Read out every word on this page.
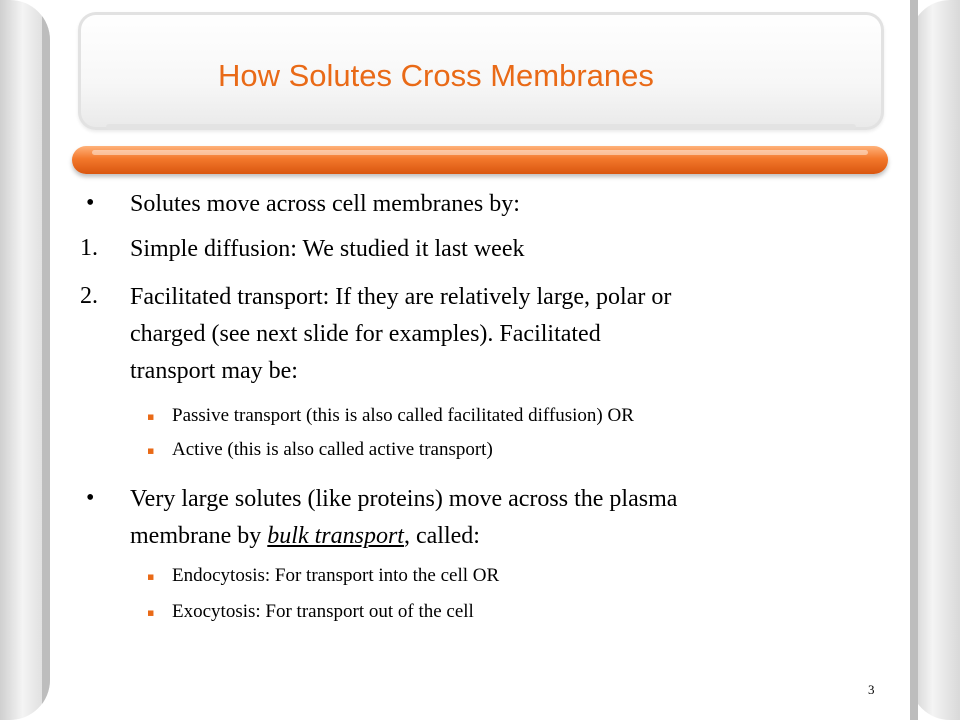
How Solutes Cross Membranes
• Solutes move across cell membranes by:
1. Simple diffusion: We studied it last week
2. Facilitated transport: If they are relatively large, polar or
charged (see next slide for examples). Facilitated
transport may be:
▪ Passive transport (this is also called facilitated diffusion) OR
▪ Active (this is also called active transport)
• Very large solutes (like proteins) move across the plasma
membrane by bulk transport, called:
▪ Endocytosis: For transport into the cell OR
▪ Exocytosis: For transport out of the cell
3
